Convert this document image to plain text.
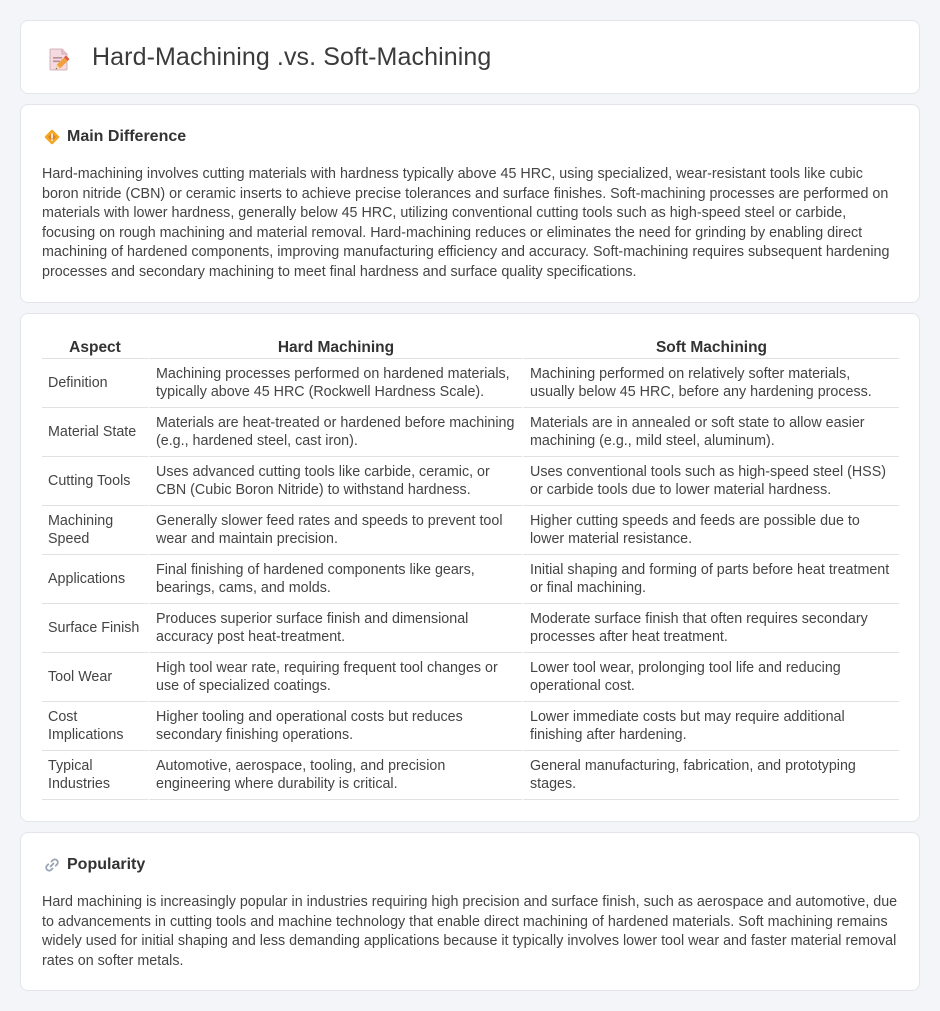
Hard-Machining .vs. Soft-Machining
Main Difference

Hard-machining involves cutting materials with hardness typically above 45 HRC, using specialized, wear-resistant tools like cubic boron nitride (CBN) or ceramic inserts to achieve precise tolerances and surface finishes. Soft-machining processes are performed on materials with lower hardness, generally below 45 HRC, utilizing conventional cutting tools such as high-speed steel or carbide, focusing on rough machining and material removal. Hard-machining reduces or eliminates the need for grinding by enabling direct machining of hardened components, improving manufacturing efficiency and accuracy. Soft-machining requires subsequent hardening processes and secondary machining to meet final hardness and surface quality specifications.

Aspect	Hard Machining	Soft Machining
Definition	Machining processes performed on hardened materials, typically above 45 HRC (Rockwell Hardness Scale).	Machining performed on relatively softer materials, usually below 45 HRC, before any hardening process.
Material State	Materials are heat-treated or hardened before machining (e.g., hardened steel, cast iron).	Materials are in annealed or soft state to allow easier machining (e.g., mild steel, aluminum).
Cutting Tools	Uses advanced cutting tools like carbide, ceramic, or CBN (Cubic Boron Nitride) to withstand hardness.	Uses conventional tools such as high-speed steel (HSS) or carbide tools due to lower material hardness.
Machining Speed	Generally slower feed rates and speeds to prevent tool wear and maintain precision.	Higher cutting speeds and feeds are possible due to lower material resistance.
Applications	Final finishing of hardened components like gears, bearings, cams, and molds.	Initial shaping and forming of parts before heat treatment or final machining.
Surface Finish	Produces superior surface finish and dimensional accuracy post heat-treatment.	Moderate surface finish that often requires secondary processes after heat treatment.
Tool Wear	High tool wear rate, requiring frequent tool changes or use of specialized coatings.	Lower tool wear, prolonging tool life and reducing operational cost.
Cost Implications	Higher tooling and operational costs but reduces secondary finishing operations.	Lower immediate costs but may require additional finishing after hardening.
Typical Industries	Automotive, aerospace, tooling, and precision engineering where durability is critical.	General manufacturing, fabrication, and prototyping stages.
Popularity

Hard machining is increasingly popular in industries requiring high precision and surface finish, such as aerospace and automotive, due to advancements in cutting tools and machine technology that enable direct machining of hardened materials. Soft machining remains widely used for initial shaping and less demanding applications because it typically involves lower tool wear and faster material removal rates on softer metals.
